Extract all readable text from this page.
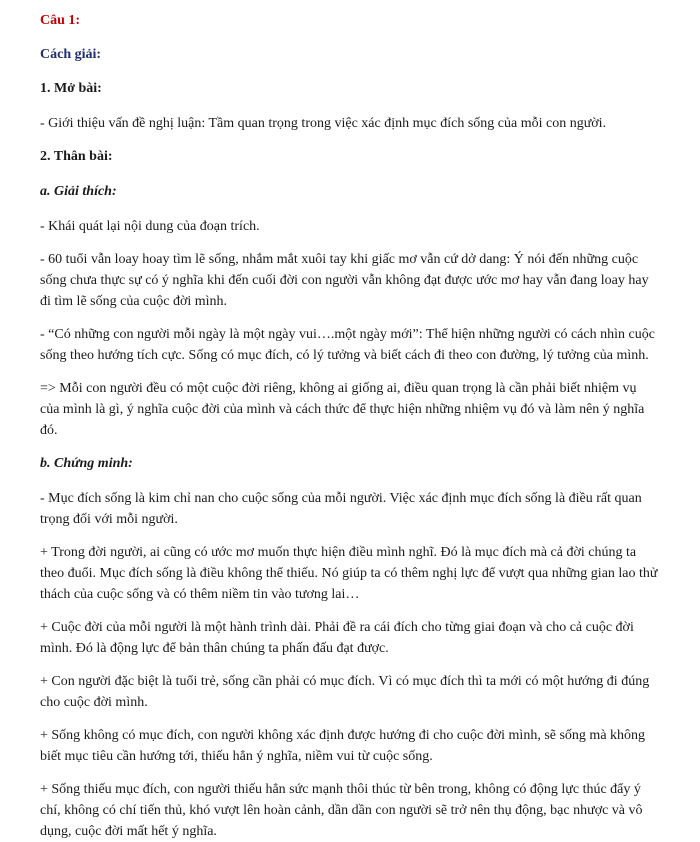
Câu 1:
Cách giải:
1. Mở bài:

- Giới thiệu vấn đề nghị luận: Tầm quan trọng trong việc xác định mục đích sống của mỗi con người.

2. Thân bài:
a. Giải thích:

- Khái quát lại nội dung của đoạn trích.

- 60 tuổi vẫn loay hoay tìm lẽ sống, nhắm mắt xuôi tay khi giấc mơ vẫn cứ dở dang: Ý nói đến những cuộc

sống chưa thực sự có ý nghĩa khi đến cuối đời con người vẫn không đạt được ước mơ hay vẫn đang loay hay

đi tìm lẽ sống của cuộc đời mình.

- “Có những con người mỗi ngày là một ngày vui….một ngày mới”: Thể hiện những người có cách nhìn cuộc

sống theo hướng tích cực. Sống có mục đích, có lý tưởng và biết cách đi theo con đường, lý tưởng của mình.

=> Mỗi con người đều có một cuộc đời riêng, không ai giống ai, điều quan trọng là cần phải biết nhiệm vụ

của mình là gì, ý nghĩa cuộc đời của mình và cách thức để thực hiện những nhiệm vụ đó và làm nên ý nghĩa

đó.

b. Chứng minh:

- Mục đích sống là kim chỉ nan cho cuộc sống của mỗi người. Việc xác định mục đích sống là điều rất quan

trọng đối với mỗi người.

+ Trong đời người, ai cũng có ước mơ muốn thực hiện điều mình nghĩ. Đó là mục đích mà cả đời chúng ta

theo đuổi. Mục đích sống là điều không thể thiếu. Nó giúp ta có thêm nghị lực để vượt qua những gian lao thử

thách của cuộc sống và có thêm niềm tin vào tương lai…

+ Cuộc đời của mỗi người là một hành trình dài. Phải đề ra cái đích cho từng giai đoạn và cho cả cuộc đời

mình. Đó là động lực để bản thân chúng ta phấn đấu đạt được.

+ Con người đặc biệt là tuổi trẻ, sống cần phải có mục đích. Vì có mục đích thì ta mới có một hướng đi đúng

cho cuộc đời mình.

+ Sống không có mục đích, con người không xác định được hướng đi cho cuộc đời mình, sẽ sống mà không

biết mục tiêu cần hướng tới, thiếu hẳn ý nghĩa, niềm vui từ cuộc sống.

+ Sống thiếu mục đích, con người thiếu hẳn sức mạnh thôi thúc từ bên trong, không có động lực thúc đẩy ý

chí, không có chí tiến thủ, khó vượt lên hoàn cảnh, dần dần con người sẽ trở nên thụ động, bạc nhược và vô

dụng, cuộc đời mất hết ý nghĩa.
